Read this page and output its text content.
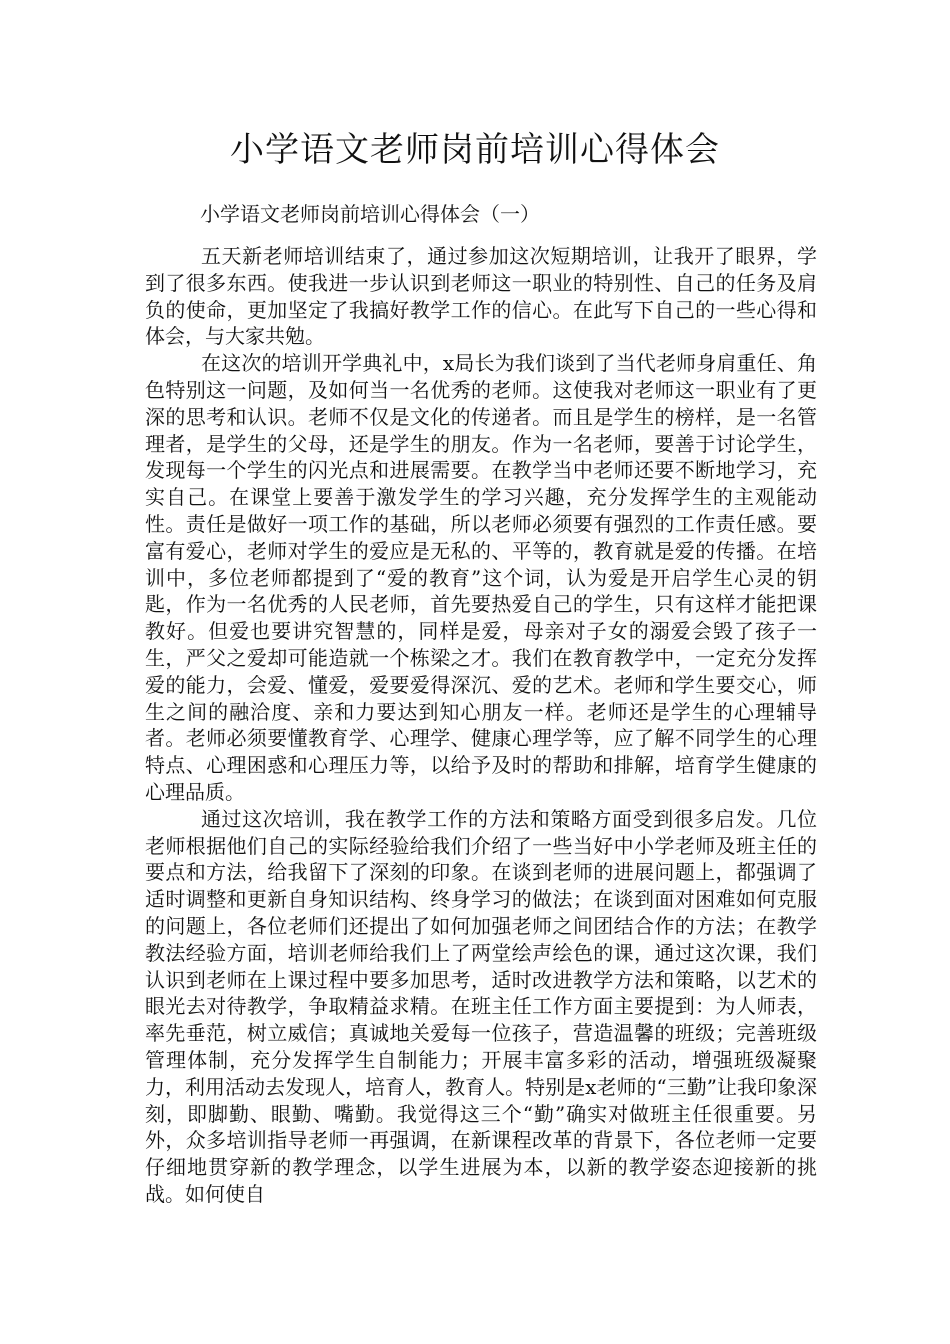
小学语文老师岗前培训心得体会
小学语文老师岗前培训心得体会（一）

五天新老师培训结束了，通过参加这次短期培训，让我开了眼界，学到了很多东西。使我进一步认识到老师这一职业的特别性、自己的任务及肩负的使命，更加坚定了我搞好教学工作的信心。在此写下自己的一些心得和体会，与大家共勉。

在这次的培训开学典礼中，x局长为我们谈到了当代老师身肩重任、角色特别这一问题，及如何当一名优秀的老师。这使我对老师这一职业有了更深的思考和认识。老师不仅是文化的传递者。而且是学生的榜样，是一名管理者，是学生的父母，还是学生的朋友。作为一名老师，要善于讨论学生，发现每一个学生的闪光点和进展需要。在教学当中老师还要不断地学习，充实自己。在课堂上要善于激发学生的学习兴趣，充分发挥学生的主观能动性。责任是做好一项工作的基础，所以老师必须要有强烈的工作责任感。要富有爱心，老师对学生的爱应是无私的、平等的，教育就是爱的传播。在培训中，多位老师都提到了“爱的教育”这个词，认为爱是开启学生心灵的钥匙，作为一名优秀的人民老师，首先要热爱自己的学生，只有这样才能把课教好。但爱也要讲究智慧的，同样是爱，母亲对子女的溺爱会毁了孩子一生，严父之爱却可能造就一个栋梁之才。我们在教育教学中，一定充分发挥爱的能力，会爱、懂爱，爱要爱得深沉、爱的艺术。老师和学生要交心，师生之间的融洽度、亲和力要达到知心朋友一样。老师还是学生的心理辅导者。老师必须要懂教育学、心理学、健康心理学等，应了解不同学生的心理特点、心理困惑和心理压力等，以给予及时的帮助和排解，培育学生健康的心理品质。

通过这次培训，我在教学工作的方法和策略方面受到很多启发。几位老师根据他们自己的实际经验给我们介绍了一些当好中小学老师及班主任的要点和方法，给我留下了深刻的印象。在谈到老师的进展问题上，都强调了适时调整和更新自身知识结构、终身学习的做法；在谈到面对困难如何克服的问题上，各位老师们还提出了如何加强老师之间团结合作的方法；在教学教法经验方面，培训老师给我们上了两堂绘声绘色的课，通过这次课，我们认识到老师在上课过程中要多加思考，适时改进教学方法和策略，以艺术的眼光去对待教学，争取精益求精。在班主任工作方面主要提到：为人师表，率先垂范，树立威信；真诚地关爱每一位孩子，营造温馨的班级；完善班级管理体制，充分发挥学生自制能力；开展丰富多彩的活动，增强班级凝聚力，利用活动去发现人，培育人，教育人。特别是x老师的“三勤”让我印象深刻，即脚勤、眼勤、嘴勤。我觉得这三个“勤”确实对做班主任很重要。另外，众多培训指导老师一再强调，在新课程改革的背景下，各位老师一定要仔细地贯穿新的教学理念，以学生进展为本，以新的教学姿态迎接新的挑战。如何使自
